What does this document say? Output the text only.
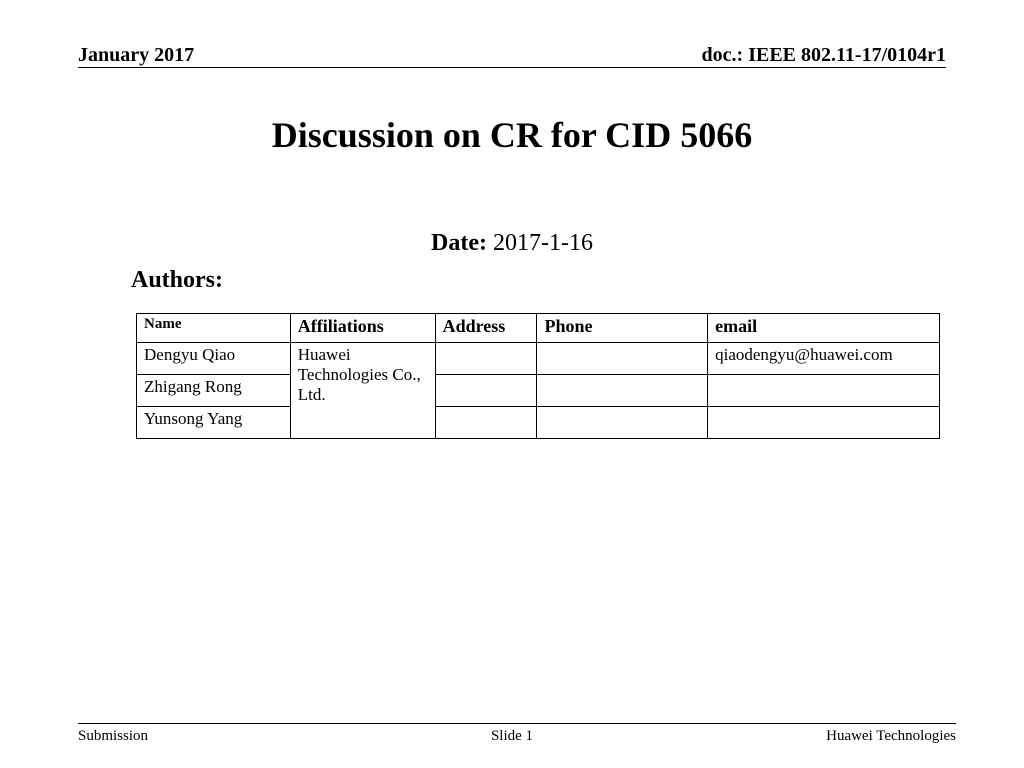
January 2017	doc.: IEEE 802.11-17/0104r1
Discussion on CR for CID 5066
Date: 2017-1-16
Authors:
Name	Affiliations	Address	Phone	email
Dengyu Qiao	Huawei Technologies Co., Ltd.			qiaodengyu@huawei.com
Zhigang Rong				
Yunsong Yang				
Submission	Slide 1	Huawei Technologies
